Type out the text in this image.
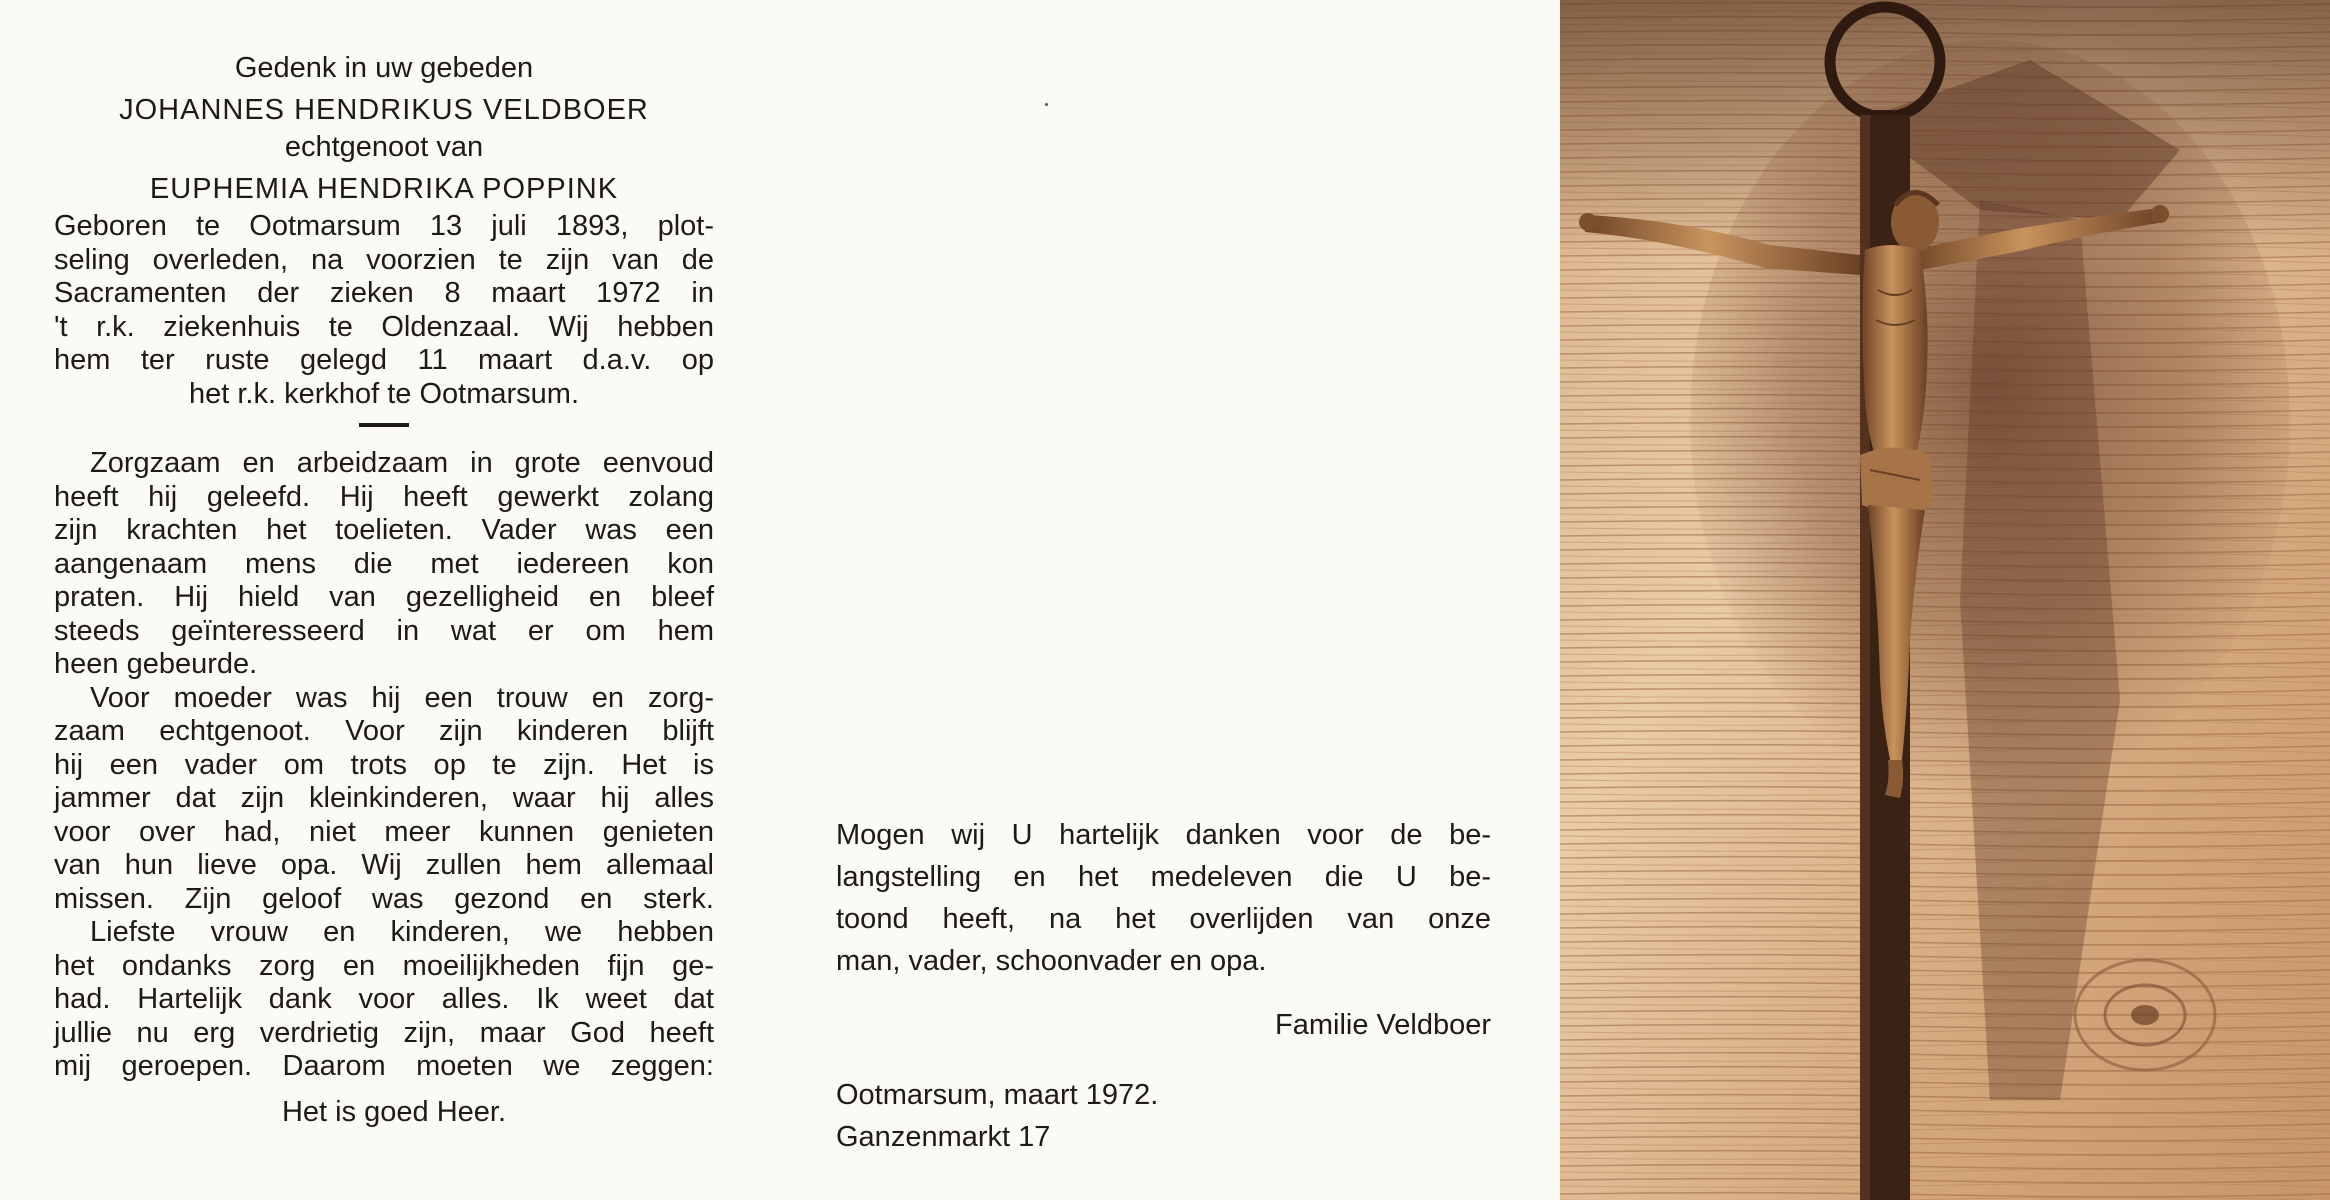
Gedenk in uw gebeden

JOHANNES HENDRIKUS VELDBOER

echtgenoot van

EUPHEMIA HENDRIKA POPPINK

Geboren te Ootmarsum 13 juli 1893, plot-
seling overleden, na voorzien te zijn van de
Sacramenten der zieken 8 maart 1972 in
't r.k. ziekenhuis te Oldenzaal. Wij hebben
hem ter ruste gelegd 11 maart d.a.v. op
het r.k. kerkhof te Ootmarsum.
Zorgzaam en arbeidzaam in grote eenvoud
heeft hij geleefd. Hij heeft gewerkt zolang
zijn krachten het toelieten. Vader was een
aangenaam mens die met iedereen kon
praten. Hij hield van gezelligheid en bleef
steeds geïnteresseerd in wat er om hem
heen gebeurde.
Voor moeder was hij een trouw en zorg-
zaam echtgenoot. Voor zijn kinderen blijft
hij een vader om trots op te zijn. Het is
jammer dat zijn kleinkinderen, waar hij alles
voor over had, niet meer kunnen genieten
van hun lieve opa. Wij zullen hem allemaal
missen. Zijn geloof was gezond en sterk.
Liefste vrouw en kinderen, we hebben
het ondanks zorg en moeilijkheden fijn ge-
had. Hartelijk dank voor alles. Ik weet dat
jullie nu erg verdrietig zijn, maar God heeft
mij geroepen. Daarom moeten we zeggen:

Het is goed Heer.

Mogen wij U hartelijk danken voor de be-
langstelling en het medeleven die U be-
toond heeft, na het overlijden van onze
man, vader, schoonvader en opa.
Familie Veldboer
Ootmarsum, maart 1972.
Ganzenmarkt 17
